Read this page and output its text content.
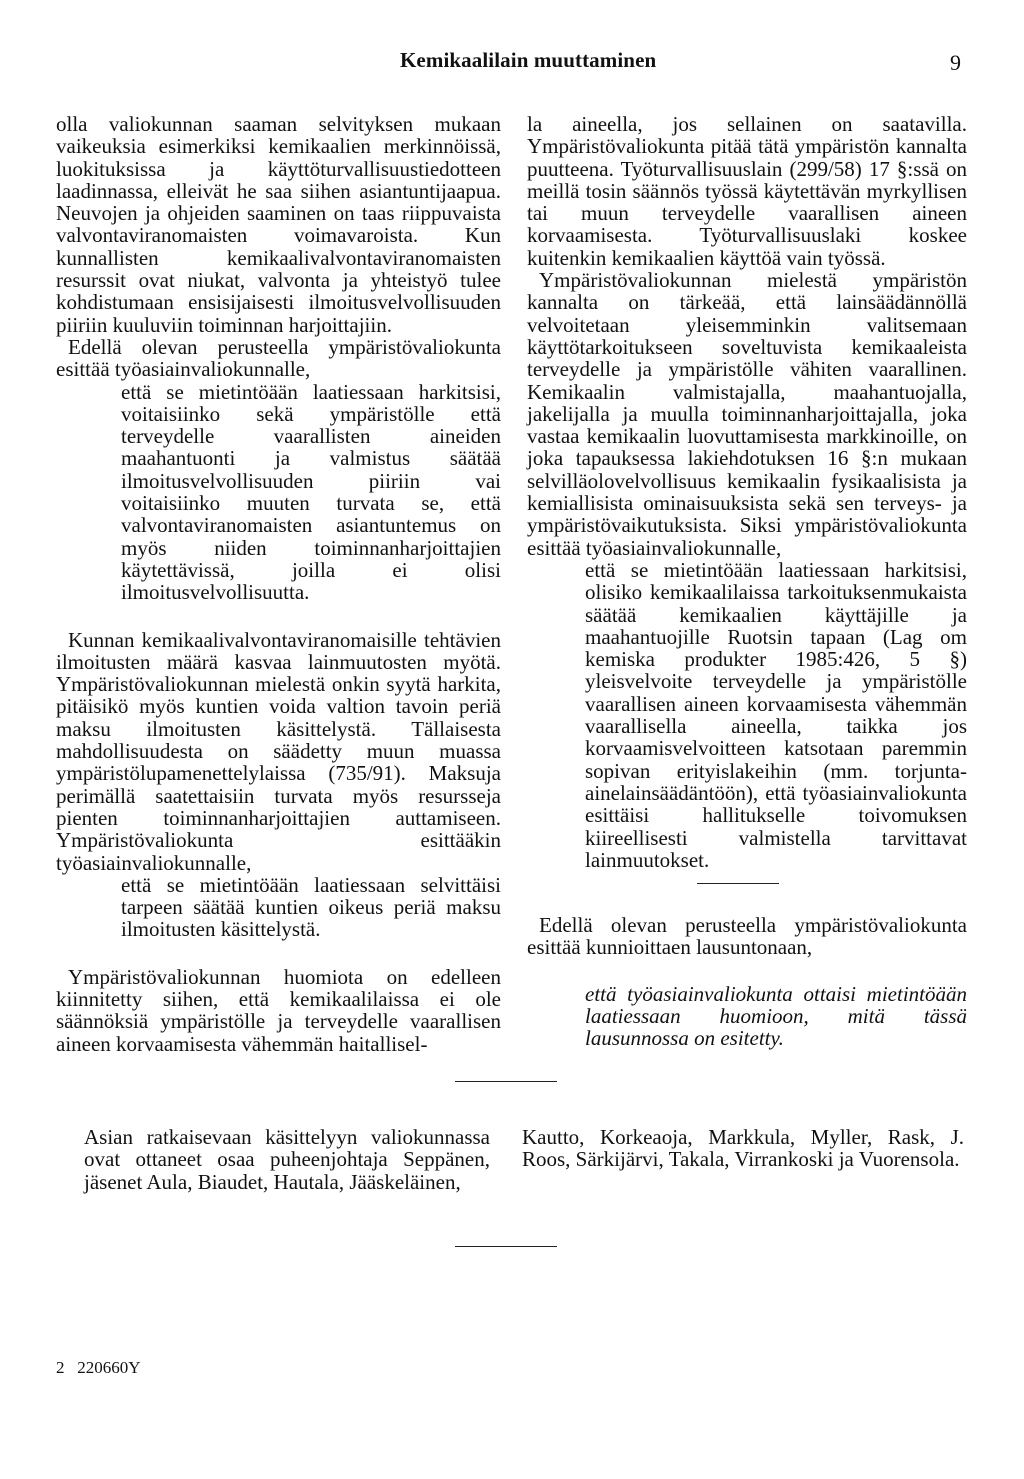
Kemikaalilain muuttaminen	9

olla valiokunnan saaman selvityksen mukaan vaikeuksia esimerkiksi kemikaalien merkinnöissä, luokituksissa ja käyttöturvallisuustiedotteen laadinnassa, elleivät he saa siihen asiantuntijaapua. Neuvojen ja ohjeiden saaminen on taas riippuvaista valvontaviranomaisten voimavaroista. Kun kunnallisten kemikaalivalvontaviranomaisten resurssit ovat niukat, valvonta ja yhteistyö tulee kohdistumaan ensisijaisesti ilmoitusvelvollisuuden piiriin kuuluviin toiminnan harjoittajiin.

Edellä olevan perusteella ympäristövaliokunta esittää työasiainvaliokunnalle,

että se mietintöään laatiessaan harkitsisi, voitaisiinko sekä ympäristölle että terveydelle vaarallisten aineiden maahantuonti ja valmistus säätää ilmoitusvelvollisuuden piiriin vai voitaisiinko muuten turvata se, että valvontaviranomaisten asiantuntemus on myös niiden toiminnanharjoittajien käytettävissä, joilla ei olisi ilmoitusvelvollisuutta.

Kunnan kemikaalivalvontaviranomaisille tehtävien ilmoitusten määrä kasvaa lainmuutosten myötä. Ympäristövaliokunnan mielestä onkin syytä harkita, pitäisikö myös kuntien voida valtion tavoin periä maksu ilmoitusten käsittelystä. Tällaisesta mahdollisuudesta on säädetty muun muassa ympäristölupamenettelylaissa (735/91). Maksuja perimällä saatettaisiin turvata myös resursseja pienten toiminnanharjoittajien auttamiseen. Ympäristövaliokunta esittääkin työasiainvaliokunnalle,

että se mietintöään laatiessaan selvittäisi tarpeen säätää kuntien oikeus periä maksu ilmoitusten käsittelystä.

Ympäristövaliokunnan huomiota on edelleen kiinnitetty siihen, että kemikaalilaissa ei ole säännöksiä ympäristölle ja terveydelle vaarallisen aineen korvaamisesta vähemmän haitallisel-

la aineella, jos sellainen on saatavilla. Ympäristövaliokunta pitää tätä ympäristön kannalta puutteena. Työturvallisuuslain (299/58) 17 §:ssä on meillä tosin säännös työssä käytettävän myrkyllisen tai muun terveydelle vaarallisen aineen korvaamisesta. Työturvallisuuslaki koskee kuitenkin kemikaalien käyttöä vain työssä.

Ympäristövaliokunnan mielestä ympäristön kannalta on tärkeää, että lainsäädännöllä velvoitetaan yleisemminkin valitsemaan käyttötarkoitukseen soveltuvista kemikaaleista terveydelle ja ympäristölle vähiten vaarallinen. Kemikaalin valmistajalla, maahantuojalla, jakelijalla ja muulla toiminnanharjoittajalla, joka vastaa kemikaalin luovuttamisesta markkinoille, on joka tapauksessa lakiehdotuksen 16 §:n mukaan selvilläolovelvollisuus kemikaalin fysikaalisista ja kemiallisista ominaisuuksista sekä sen terveys- ja ympäristövaikutuksista. Siksi ympäristövaliokunta esittää työasiainvaliokunnalle,

että se mietintöään laatiessaan harkitsisi, olisiko kemikaalilaissa tarkoituksenmukaista säätää kemikaalien käyttäjille ja maahantuojille Ruotsin tapaan (Lag om kemiska produkter 1985:426, 5 §) yleisvelvoite terveydelle ja ympäristölle vaarallisen aineen korvaamisesta vähemmän vaarallisella aineella, taikka jos korvaamisvelvoitteen katsotaan paremmin sopivan erityislakeihin (mm. torjunta-ainelainsäädäntöön), että työasiainvaliokunta esittäisi hallitukselle toivomuksen kiireellisesti valmistella tarvittavat lainmuutokset.

Edellä olevan perusteella ympäristövaliokunta esittää kunnioittaen lausuntonaan,

että työasiainvaliokunta ottaisi mietintöään laatiessaan huomioon, mitä tässä lausunnossa on esitetty.

Asian ratkaisevaan käsittelyyn valiokunnassa ovat ottaneet osaa puheenjohtaja Seppänen, jäsenet Aula, Biaudet, Hautala, Jääskeläinen,

Kautto, Korkeaoja, Markkula, Myller, Rask, J. Roos, Särkijärvi, Takala, Virrankoski ja Vuorensola.

2   220660Y
